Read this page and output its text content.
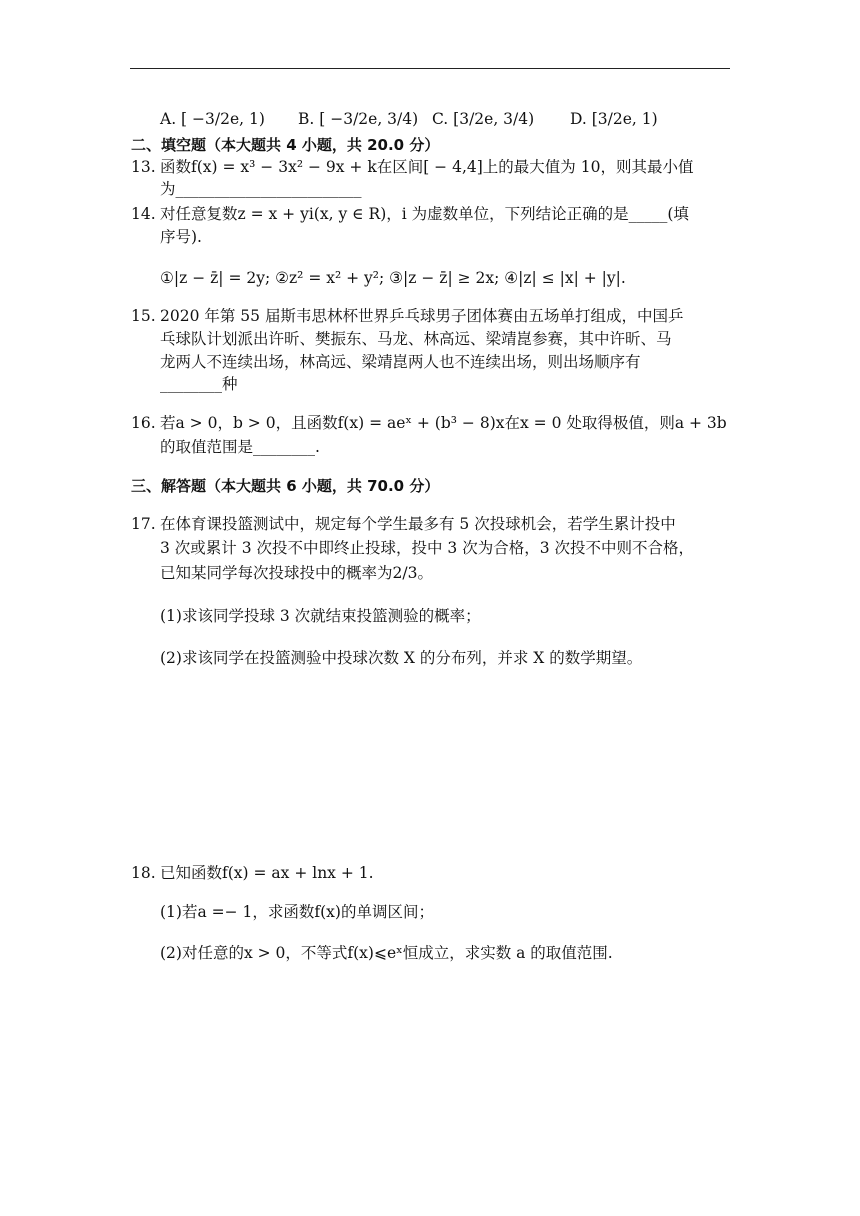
A. [ −3/2e, 1) B. [ −3/2e, 3/4) C. [3/2e, 3/4) D. [3/2e, 1)
二、填空题（本大题共 4 小题，共 20.0 分）
13. 函数f(x) = x³ − 3x² − 9x + k在区间[ − 4,4]上的最大值为 10，则其最小值
为________________________
14. 对任意复数z = x + yi(x, y ∈ R)，i 为虚数单位，下列结论正确的是_____(填
序号).
①|z − z̄| = 2y; ②z² = x² + y²; ③|z − z̄| ≥ 2x; ④|z| ≤ |x| + |y|.
15. 2020 年第 55 届斯韦思林杯世界乒乓球男子团体赛由五场单打组成，中国乒
乓球队计划派出许昕、樊振东、马龙、林高远、梁靖崑参赛，其中许昕、马
龙两人不连续出场，林高远、梁靖崑两人也不连续出场，则出场顺序有
________种
16. 若a > 0，b > 0，且函数f(x) = aeˣ + (b³ − 8)x在x = 0 处取得极值，则a + 3b
的取值范围是________.
三、解答题（本大题共 6 小题，共 70.0 分）
17. 在体育课投篮测试中，规定每个学生最多有 5 次投球机会，若学生累计投中
3 次或累计 3 次投不中即终止投球，投中 3 次为合格，3 次投不中则不合格，
已知某同学每次投球投中的概率为2/3。
(1)求该同学投球 3 次就结束投篮测验的概率；
(2)求该同学在投篮测验中投球次数 X 的分布列，并求 X 的数学期望。
18. 已知函数f(x) = ax + lnx + 1.
(1)若a =− 1，求函数f(x)的单调区间；
(2)对任意的x > 0，不等式f(x)⩽eˣ恒成立，求实数 a 的取值范围.
